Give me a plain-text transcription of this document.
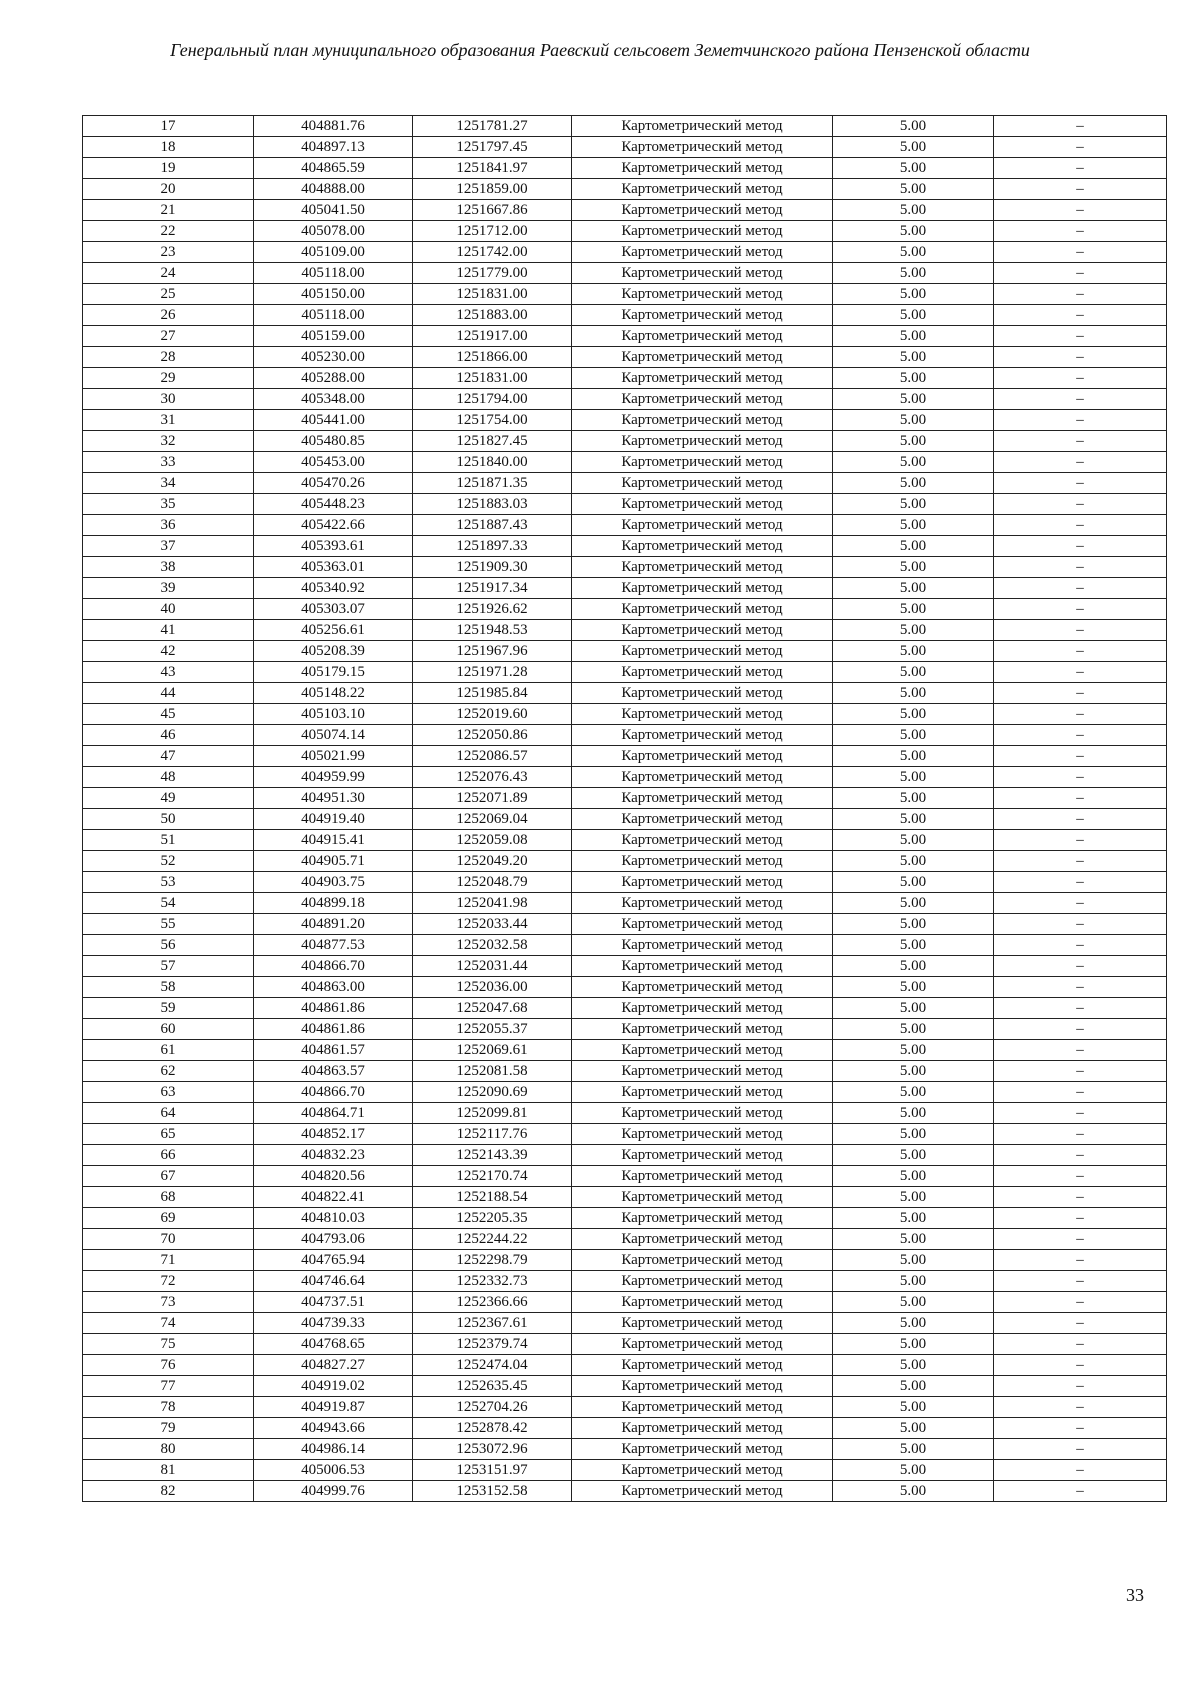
Генеральный план муниципального образования Раевский сельсовет Земетчинского района Пензенской области
17	404881.76	1251781.27	Картометрический метод	5.00	–
18	404897.13	1251797.45	Картометрический метод	5.00	–
19	404865.59	1251841.97	Картометрический метод	5.00	–
20	404888.00	1251859.00	Картометрический метод	5.00	–
21	405041.50	1251667.86	Картометрический метод	5.00	–
22	405078.00	1251712.00	Картометрический метод	5.00	–
23	405109.00	1251742.00	Картометрический метод	5.00	–
24	405118.00	1251779.00	Картометрический метод	5.00	–
25	405150.00	1251831.00	Картометрический метод	5.00	–
26	405118.00	1251883.00	Картометрический метод	5.00	–
27	405159.00	1251917.00	Картометрический метод	5.00	–
28	405230.00	1251866.00	Картометрический метод	5.00	–
29	405288.00	1251831.00	Картометрический метод	5.00	–
30	405348.00	1251794.00	Картометрический метод	5.00	–
31	405441.00	1251754.00	Картометрический метод	5.00	–
32	405480.85	1251827.45	Картометрический метод	5.00	–
33	405453.00	1251840.00	Картометрический метод	5.00	–
34	405470.26	1251871.35	Картометрический метод	5.00	–
35	405448.23	1251883.03	Картометрический метод	5.00	–
36	405422.66	1251887.43	Картометрический метод	5.00	–
37	405393.61	1251897.33	Картометрический метод	5.00	–
38	405363.01	1251909.30	Картометрический метод	5.00	–
39	405340.92	1251917.34	Картометрический метод	5.00	–
40	405303.07	1251926.62	Картометрический метод	5.00	–
41	405256.61	1251948.53	Картометрический метод	5.00	–
42	405208.39	1251967.96	Картометрический метод	5.00	–
43	405179.15	1251971.28	Картометрический метод	5.00	–
44	405148.22	1251985.84	Картометрический метод	5.00	–
45	405103.10	1252019.60	Картометрический метод	5.00	–
46	405074.14	1252050.86	Картометрический метод	5.00	–
47	405021.99	1252086.57	Картометрический метод	5.00	–
48	404959.99	1252076.43	Картометрический метод	5.00	–
49	404951.30	1252071.89	Картометрический метод	5.00	–
50	404919.40	1252069.04	Картометрический метод	5.00	–
51	404915.41	1252059.08	Картометрический метод	5.00	–
52	404905.71	1252049.20	Картометрический метод	5.00	–
53	404903.75	1252048.79	Картометрический метод	5.00	–
54	404899.18	1252041.98	Картометрический метод	5.00	–
55	404891.20	1252033.44	Картометрический метод	5.00	–
56	404877.53	1252032.58	Картометрический метод	5.00	–
57	404866.70	1252031.44	Картометрический метод	5.00	–
58	404863.00	1252036.00	Картометрический метод	5.00	–
59	404861.86	1252047.68	Картометрический метод	5.00	–
60	404861.86	1252055.37	Картометрический метод	5.00	–
61	404861.57	1252069.61	Картометрический метод	5.00	–
62	404863.57	1252081.58	Картометрический метод	5.00	–
63	404866.70	1252090.69	Картометрический метод	5.00	–
64	404864.71	1252099.81	Картометрический метод	5.00	–
65	404852.17	1252117.76	Картометрический метод	5.00	–
66	404832.23	1252143.39	Картометрический метод	5.00	–
67	404820.56	1252170.74	Картометрический метод	5.00	–
68	404822.41	1252188.54	Картометрический метод	5.00	–
69	404810.03	1252205.35	Картометрический метод	5.00	–
70	404793.06	1252244.22	Картометрический метод	5.00	–
71	404765.94	1252298.79	Картометрический метод	5.00	–
72	404746.64	1252332.73	Картометрический метод	5.00	–
73	404737.51	1252366.66	Картометрический метод	5.00	–
74	404739.33	1252367.61	Картометрический метод	5.00	–
75	404768.65	1252379.74	Картометрический метод	5.00	–
76	404827.27	1252474.04	Картометрический метод	5.00	–
77	404919.02	1252635.45	Картометрический метод	5.00	–
78	404919.87	1252704.26	Картометрический метод	5.00	–
79	404943.66	1252878.42	Картометрический метод	5.00	–
80	404986.14	1253072.96	Картометрический метод	5.00	–
81	405006.53	1253151.97	Картометрический метод	5.00	–
82	404999.76	1253152.58	Картометрический метод	5.00	–
33
